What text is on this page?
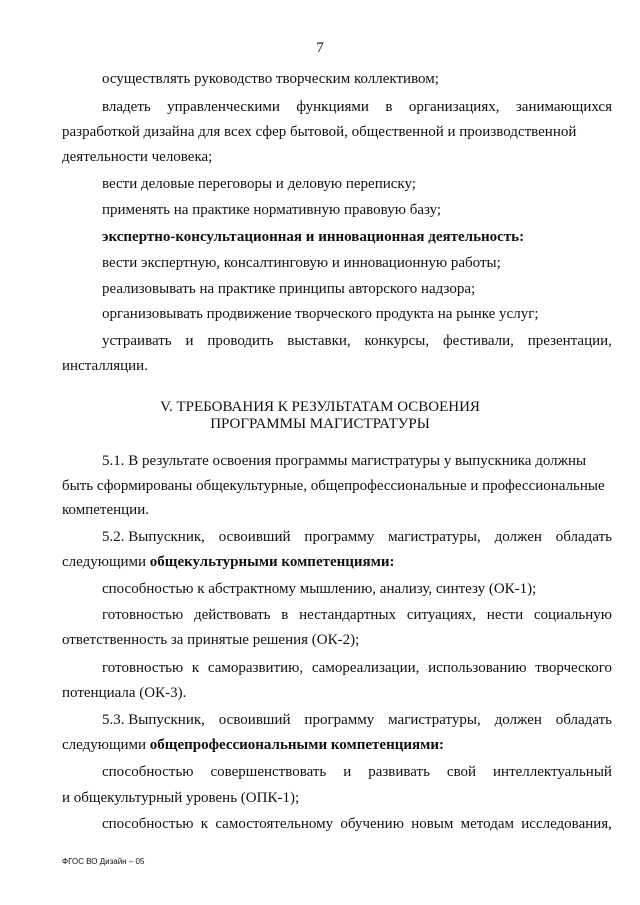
7
осуществлять руководство творческим коллективом;
владеть управленческими функциями в организациях, занимающихся
разработкой дизайна для всех сфер бытовой, общественной и производственной
деятельности человека;
вести деловые переговоры и деловую переписку;
применять на практике нормативную правовую базу;
экспертно-консультационная и инновационная деятельность:
вести экспертную, консалтинговую и инновационную работы;
реализовывать на практике принципы авторского надзора;
организовывать продвижение творческого продукта на рынке услуг;
устраивать и проводить выставки, конкурсы, фестивали, презентации,
инсталляции.
V. ТРЕБОВАНИЯ К РЕЗУЛЬТАТАМ ОСВОЕНИЯ
ПРОГРАММЫ МАГИСТРАТУРЫ
5.1. В результате освоения программы магистратуры у выпускника должны
быть сформированы общекультурные, общепрофессиональные и профессиональные
компетенции.
5.2. Выпускник, освоивший программу магистратуры, должен обладать
следующими общекультурными компетенциями:
способностью к абстрактному мышлению, анализу, синтезу (ОК-1);
готовностью действовать в нестандартных ситуациях, нести социальную
ответственность за принятые решения (ОК-2);
готовностью к саморазвитию, самореализации, использованию творческого
потенциала (ОК-3).
5.3. Выпускник, освоивший программу магистратуры, должен обладать
следующими общепрофессиональными компетенциями:
способностью совершенствовать и развивать свой интеллектуальный
и общекультурный уровень (ОПК-1);
способностью к самостоятельному обучению новым методам исследования,
ФГОС ВО Дизайн – 05
